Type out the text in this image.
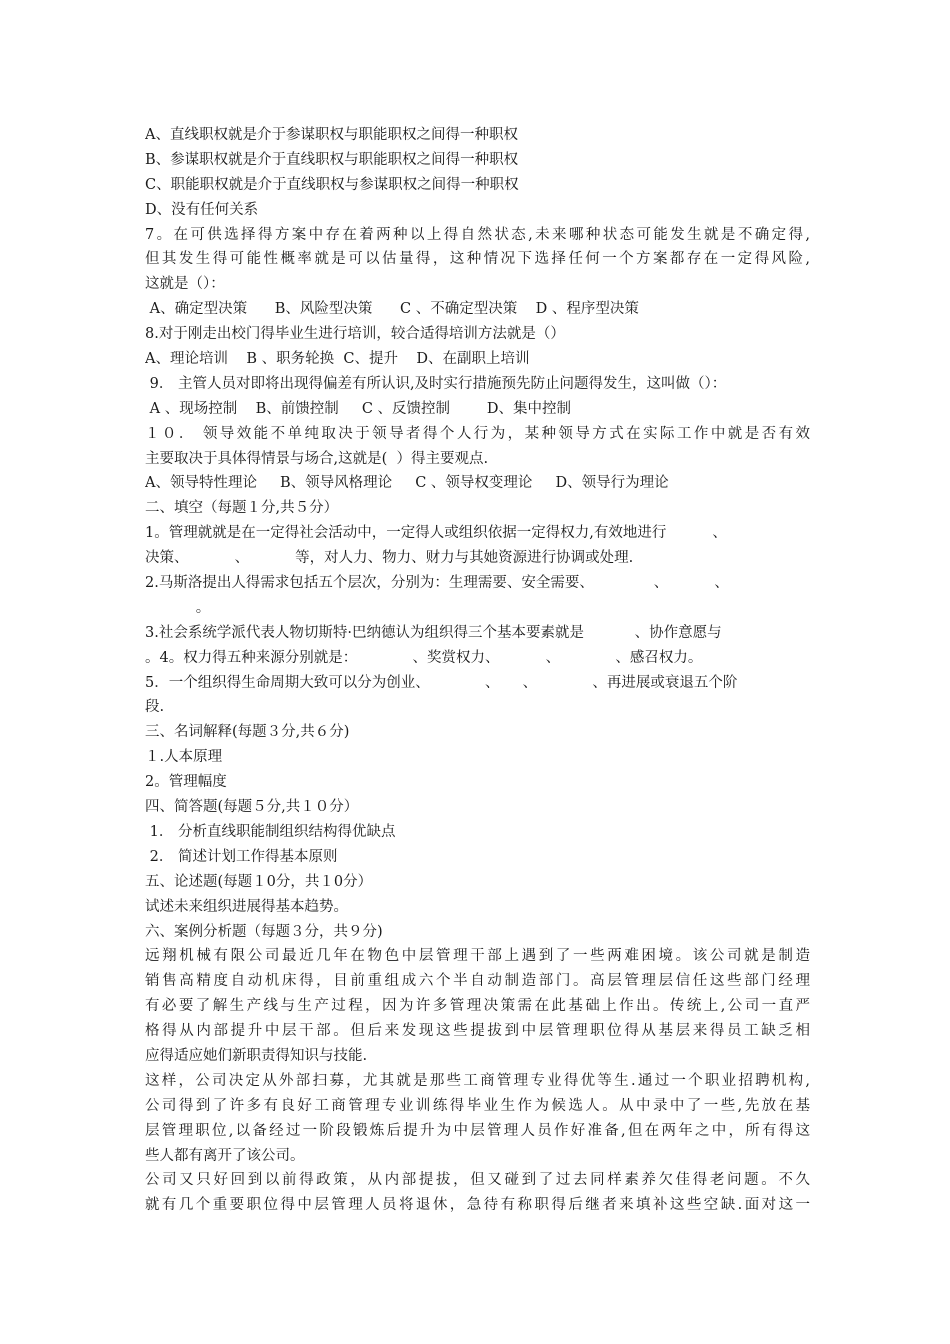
A、直线职权就是介于参谋职权与职能职权之间得一种职权
B、参谋职权就是介于直线职权与职能职权之间得一种职权
C、职能职权就是介于直线职权与参谋职权之间得一种职权
D、没有任何关系
7。在可供选择得方案中存在着两种以上得自然状态,未来哪种状态可能发生就是不确定得,
但其发生得可能性概率就是可以估量得，这种情况下选择任何一个方案都存在一定得风险,
这就是（）：
A、确定型决策      B、风险型决策      C 、不确定型决策    D 、程序型决策
8.对于刚走出校门得毕业生进行培训，较合适得培训方法就是（）
A、理论培训    B 、职务轮换  C、提升    D、在副职上培训
9． 主管人员对即将出现得偏差有所认识,及时实行措施预先防止问题得发生，这叫做（）：
A 、现场控制    B、前馈控制     C 、反馈控制        D、集中控制
１０． 领导效能不单纯取决于领导者得个人行为，某种领导方式在实际工作中就是否有效
主要取决于具体得情景与场合,这就是(  ）得主要观点.
A、领导特性理论     B、领导风格理论     C 、领导权变理论     D、领导行为理论
二、填空（每题１分,共５分）
1。管理就就是在一定得社会活动中，一定得人或组织依据一定得权力,有效地进行          、
决策、          、          等，对人力、物力、财力与其她资源进行协调或处理.
2.马斯洛提出人得需求包括五个层次，分别为：生理需要、安全需要、             、          、
。
3.社会系统学派代表人物切斯特·巴纳德认为组织得三个基本要素就是           、协作意愿与
。4。权力得五种来源分别就是：            、奖赏权力、          、            、感召权力。
5．一个组织得生命周期大致可以分为创业、            、     、            、再进展或衰退五个阶
段.
三、名词解释(每题３分,共６分)
１.人本原理
2。管理幅度
四、简答题(每题５分,共１０分）
1． 分析直线职能制组织结构得优缺点
2． 简述计划工作得基本原则
五、论述题(每题１0分，共１0分）
试述未来组织进展得基本趋势。
六、案例分析题（每题３分，共９分)
远翔机械有限公司最近几年在物色中层管理干部上遇到了一些两难困境。该公司就是制造
销售高精度自动机床得，目前重组成六个半自动制造部门。高层管理层信任这些部门经理
有必要了解生产线与生产过程，因为许多管理决策需在此基础上作出。传统上,公司一直严
格得从内部提升中层干部。但后来发现这些提拔到中层管理职位得从基层来得员工缺乏相
应得适应她们新职责得知识与技能.
这样，公司决定从外部扫募，尤其就是那些工商管理专业得优等生.通过一个职业招聘机构,
公司得到了许多有良好工商管理专业训练得毕业生作为候选人。从中录中了一些,先放在基
层管理职位,以备经过一阶段锻炼后提升为中层管理人员作好准备,但在两年之中，所有得这
些人都有离开了该公司。
公司又只好回到以前得政策，从内部提拔，但又碰到了过去同样素养欠佳得老问题。不久
就有几个重要职位得中层管理人员将退休，急待有称职得后继者来填补这些空缺.面对这一
